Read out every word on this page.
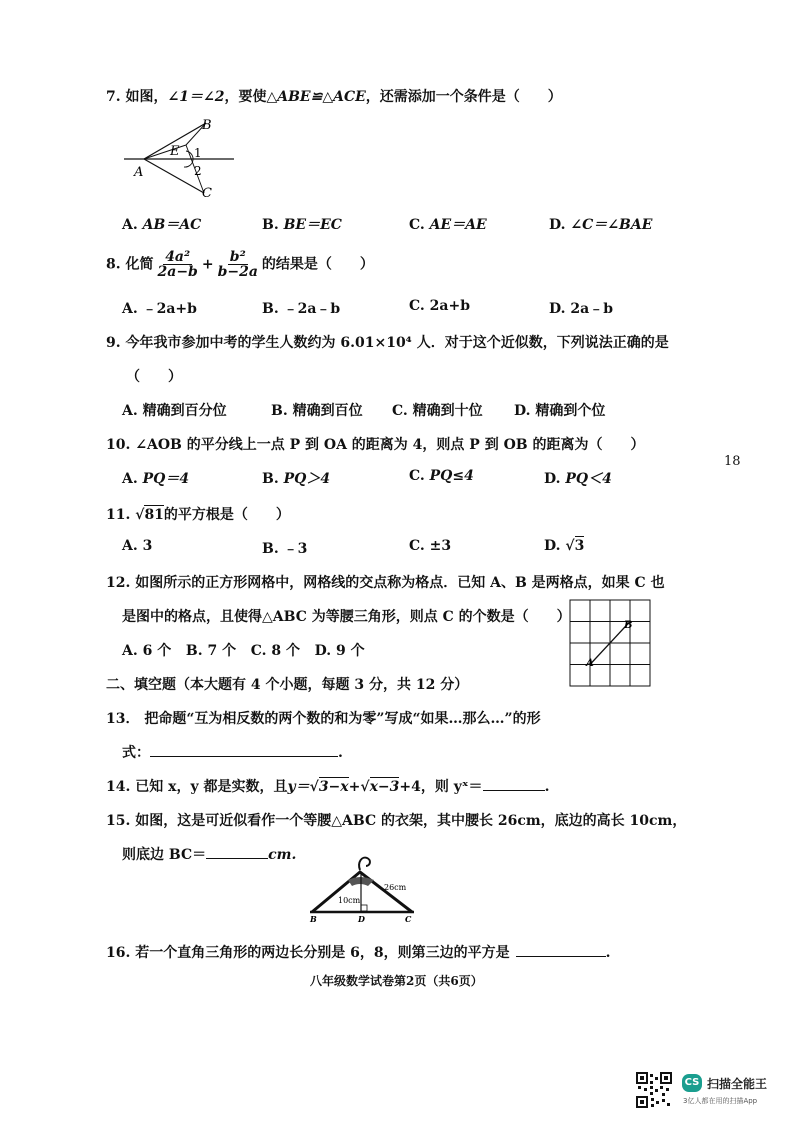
7. 如图，∠1＝∠2，要使△ABE≌△ACE，还需添加一个条件是（　　）
B
E 1
A	2
C
A. AB＝AC	B. BE＝EC	C. AE＝AE	D. ∠C＝∠BAE
8. 化简 $\frac{\text{4a²}}{2a-b} + \frac{\text{b²}}{b-2a}$ 的结果是（　　）
A. ﹣2a+b	B. ﹣2a﹣b	C. 2a+b	D. 2a﹣b
9. 今年我市参加中考的学生人数约为 6.01×10⁴ 人．对于这个近似数，下列说法正确的是
（　　）
A. 精确到百分位	B. 精确到百位 C. 精确到十位 D. 精确到个位
10. ∠AOB 的平分线上一点 P 到 OA 的距离为 4，则点 P 到 OB 的距离为（　　）
A. PQ＝4	B. PQ＞4	C. PQ≤4	D. PQ＜4
18
11. √81的平方根是（　　）
A. 3	B. ﹣3	C. ±3	D. √3
12. 如图所示的正方形网格中，网格线的交点称为格点．已知 A、B 是两格点，如果 C 也
是图中的格点，且使得△ABC 为等腰三角形，则点 C 的个数是（　　）
A. 6 个 B. 7 个 C. 8 个 D. 9 个
B
A
二、填空题（本大题有 4 个小题，每题 3 分，共 12 分）
13． 把命题“互为相反数的两个数的和为零”写成“如果…那么…”的形
式：	.
14. 已知 x，y 都是实数，且y＝√3−x+√x−3+4，则 yˣ＝	.
15. 如图，这是可近似看作一个等腰△ABC 的衣架，其中腰长 26cm，底边的高长 10cm，
则底边 BC＝	cm.
26cm
10cm
B	D	C
16. 若一个直角三角形的两边长分别是 6，8，则第三边的平方是	.
八年级数学试卷第2页（共6页）
CS 扫描全能王
3亿人都在用的扫描App
